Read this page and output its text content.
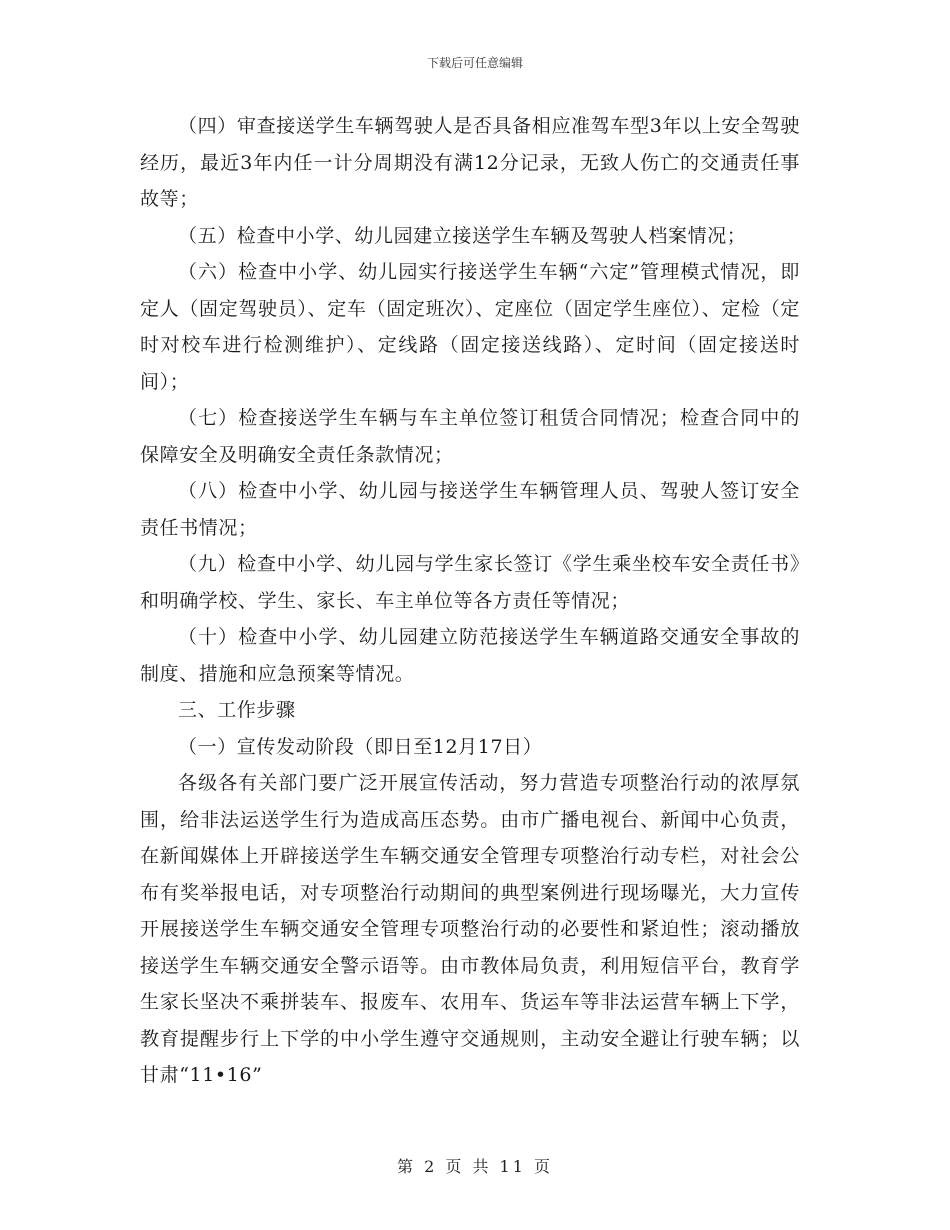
下载后可任意编辑

（四）审查接送学生车辆驾驶人是否具备相应准驾车型3年以上安全驾驶经历，最近3年内任一计分周期没有满12分记录，无致人伤亡的交通责任事故等；

（五）检查中小学、幼儿园建立接送学生车辆及驾驶人档案情况；

（六）检查中小学、幼儿园实行接送学生车辆“六定”管理模式情况，即定人（固定驾驶员）、定车（固定班次）、定座位（固定学生座位）、定检（定时对校车进行检测维护）、定线路（固定接送线路）、定时间（固定接送时间）；

（七）检查接送学生车辆与车主单位签订租赁合同情况；检查合同中的保障安全及明确安全责任条款情况；

（八）检查中小学、幼儿园与接送学生车辆管理人员、驾驶人签订安全责任书情况；

（九）检查中小学、幼儿园与学生家长签订《学生乘坐校车安全责任书》和明确学校、学生、家长、车主单位等各方责任等情况；

（十）检查中小学、幼儿园建立防范接送学生车辆道路交通安全事故的制度、措施和应急预案等情况。

三、工作步骤

（一）宣传发动阶段（即日至12月17日）

各级各有关部门要广泛开展宣传活动，努力营造专项整治行动的浓厚氛围，给非法运送学生行为造成高压态势。由市广播电视台、新闻中心负责，在新闻媒体上开辟接送学生车辆交通安全管理专项整治行动专栏，对社会公布有奖举报电话，对专项整治行动期间的典型案例进行现场曝光，大力宣传开展接送学生车辆交通安全管理专项整治行动的必要性和紧迫性；滚动播放接送学生车辆交通安全警示语等。由市教体局负责，利用短信平台，教育学生家长坚决不乘拼装车、报废车、农用车、货运车等非法运营车辆上下学，教育提醒步行上下学的中小学生遵守交通规则，主动安全避让行驶车辆；以甘肃“11•16”

第 2 页 共 11 页
